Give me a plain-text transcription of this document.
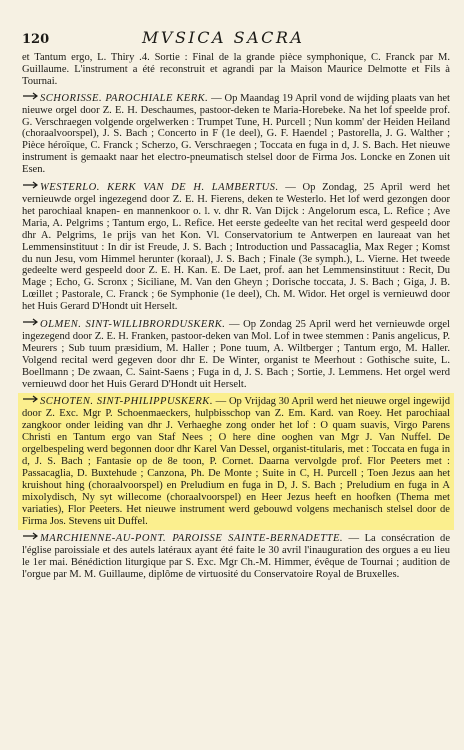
120	MVSICA SACRA

et Tantum ergo, L. Thiry .4. Sortie : Final de la grande pièce symphonique, C. Franck par M. Guillaume. L'instrument a été reconstruit et agrandi par la Maison Maurice Delmotte et Fils à Tournai.

SCHORISSE. PAROCHIALE KERK. — Op Maandag 19 April vond de wijding plaats van het nieuwe orgel door Z. E. H. Deschaumes, pastoor-deken te Maria-Horebeke. Na het lof speelde prof. G. Verschraegen volgende orgelwerken : Trumpet Tune, H. Purcell ; Nun komm' der Heiden Heiland (choraalvoorspel), J. S. Bach ; Concerto in F (1e deel), G. F. Haendel ; Pastorella, J. G. Walther ; Pièce héroïque, C. Franck ; Scherzo, G. Verschraegen ; Toccata en fuga in d, J. S. Bach. Het nieuwe instrument is gemaakt naar het electro-pneumatisch stelsel door de Firma Jos. Loncke en Zonen uit Esen.

WESTERLO. KERK VAN DE H. LAMBERTUS. — Op Zondag, 25 April werd het vernieuwde orgel ingezegend door Z. E. H. Fierens, deken te Westerlo. Het lof werd gezongen door het parochiaal knapen- en mannenkoor o. l. v. dhr R. Van Dijck : Angelorum esca, L. Refice ; Ave Maria, A. Pelgrims ; Tantum ergo, L. Refice. Het eerste gedeelte van het recital werd gespeeld door dhr A. Pelgrims, 1e prijs van het Kon. Vl. Conservatorium te Antwerpen en laureaat van het Lemmensinstituut : In dir ist Freude, J. S. Bach ; Introduction und Passacaglia, Max Reger ; Komst du nun Jesu, vom Himmel herunter (koraal), J. S. Bach ; Finale (3e symph.), L. Vierne. Het tweede gedeelte werd gespeeld door Z. E. H. Kan. E. De Laet, prof. aan het Lemmensinstituut : Recit, Du Mage ; Echo, G. Scronx ; Siciliane, M. Van den Gheyn ; Dorische toccata, J. S. Bach ; Giga, J. B. Lœillet ; Pastorale, C. Franck ; 6e Symphonie (1e deel), Ch. M. Widor. Het orgel is vernieuwd door het Huis Gerard D'Hondt uit Herselt.

OLMEN. SINT-WILLIBRORDUSKERK. — Op Zondag 25 April werd het vernieuwde orgel ingezegend door Z. E. H. Franken, pastoor-deken van Mol. Lof in twee stemmen : Panis angelicus, P. Meurers ; Sub tuum præsidium, M. Haller ; Pone tuum, A. Wiltberger ; Tantum ergo, M. Haller. Volgend recital werd gegeven door dhr E. De Winter, organist te Meerhout : Gothische suite, L. Boellmann ; De zwaan, C. Saint-Saens ; Fuga in d, J. S. Bach ; Sortie, J. Lemmens. Het orgel werd vernieuwd door het Huis Gerard D'Hondt uit Herselt.

SCHOTEN. SINT-PHILIPPUSKERK. — Op Vrijdag 30 April werd het nieuwe orgel ingewijd door Z. Exc. Mgr P. Schoenmaeckers, hulpbisschop van Z. Em. Kard. van Roey. Het parochiaal zangkoor onder leiding van dhr J. Verhaeghe zong onder het lof : O quam suavis, Virgo Parens Christi en Tantum ergo van Staf Nees ; O here dine ooghen van Mgr J. Van Nuffel. De orgelbespeling werd begonnen door dhr Karel Van Dessel, organist-titularis, met : Toccata en fuga in d, J. S. Bach ; Fantasie op de 8e toon, P. Cornet. Daarna vervolgde prof. Flor Peeters met : Passacaglia, D. Buxtehude ; Canzona, Ph. De Monte ; Suite in C, H. Purcell ; Toen Jezus aan het kruishout hing (choraalvoorspel) en Preludium en fuga in D, J. S. Bach ; Preludium en fuga in A mixolydisch, Ny syt willecome (choraalvoorspel) en Heer Jezus heeft en hoofken (Thema met variaties), Flor Peeters. Het nieuwe instrument werd gebouwd volgens mechanisch stelsel door de Firma Jos. Stevens uit Duffel.

MARCHIENNE-AU-PONT. PAROISSE SAINTE-BERNADETTE. — La consécration de l'église paroissiale et des autels latéraux ayant été faite le 30 avril l'inauguration des orgues a eu lieu le 1er mai. Bénédiction liturgique par S. Exc. Mgr Ch.-M. Himmer, évêque de Tournai ; audition de l'orgue par M. M. Guillaume, diplôme de virtuosité du Conservatoire Royal de Bruxelles.
